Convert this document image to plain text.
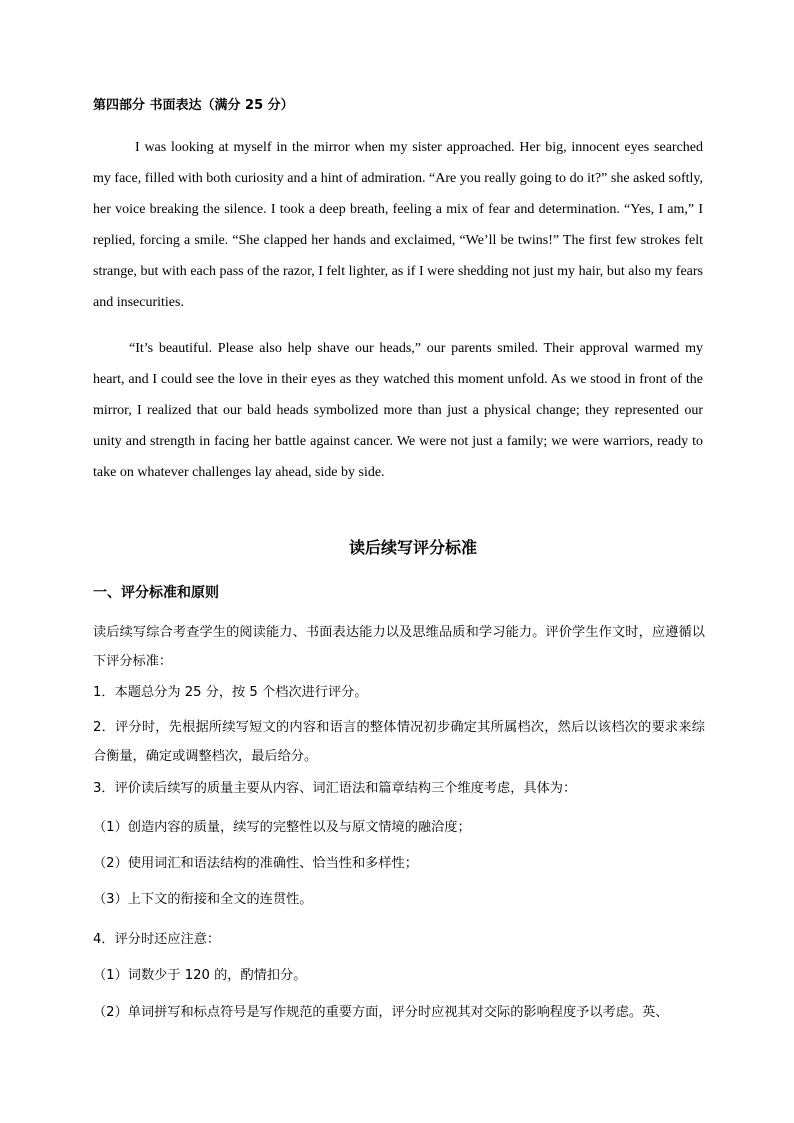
第四部分 书面表达（满分 25 分）

I was looking at myself in the mirror when my sister approached. Her big, innocent eyes searched my face, filled with both curiosity and a hint of admiration. “Are you really going to do it?” she asked softly, her voice breaking the silence. I took a deep breath, feeling a mix of fear and determination. “Yes, I am,” I replied, forcing a smile. “She clapped her hands and exclaimed, “We’ll be twins!” The first few strokes felt strange, but with each pass of the razor, I felt lighter, as if I were shedding not just my hair, but also my fears and insecurities.

“It’s beautiful. Please also help shave our heads,” our parents smiled. Their approval warmed my heart, and I could see the love in their eyes as they watched this moment unfold. As we stood in front of the mirror, I realized that our bald heads symbolized more than just a physical change; they represented our unity and strength in facing her battle against cancer. We were not just a family; we were warriors, ready to take on whatever challenges lay ahead, side by side.

读后续写评分标准
一、评分标准和原则

读后续写综合考查学生的阅读能力、书面表达能力以及思维品质和学习能力。评价学生作文时，应遵循以下评分标准：

1．本题总分为 25 分，按 5 个档次进行评分。

2．评分时，先根据所续写短文的内容和语言的整体情况初步确定其所属档次，然后以该档次的要求来综合衡量，确定或调整档次，最后给分。

3．评价读后续写的质量主要从内容、词汇语法和篇章结构三个维度考虑，具体为：

（1）创造内容的质量，续写的完整性以及与原文情境的融洽度；

（2）使用词汇和语法结构的准确性、恰当性和多样性；

（3）上下文的衔接和全文的连贯性。

4．评分时还应注意：

（1）词数少于 120 的，酌情扣分。

（2）单词拼写和标点符号是写作规范的重要方面，评分时应视其对交际的影响程度予以考虑。英、
